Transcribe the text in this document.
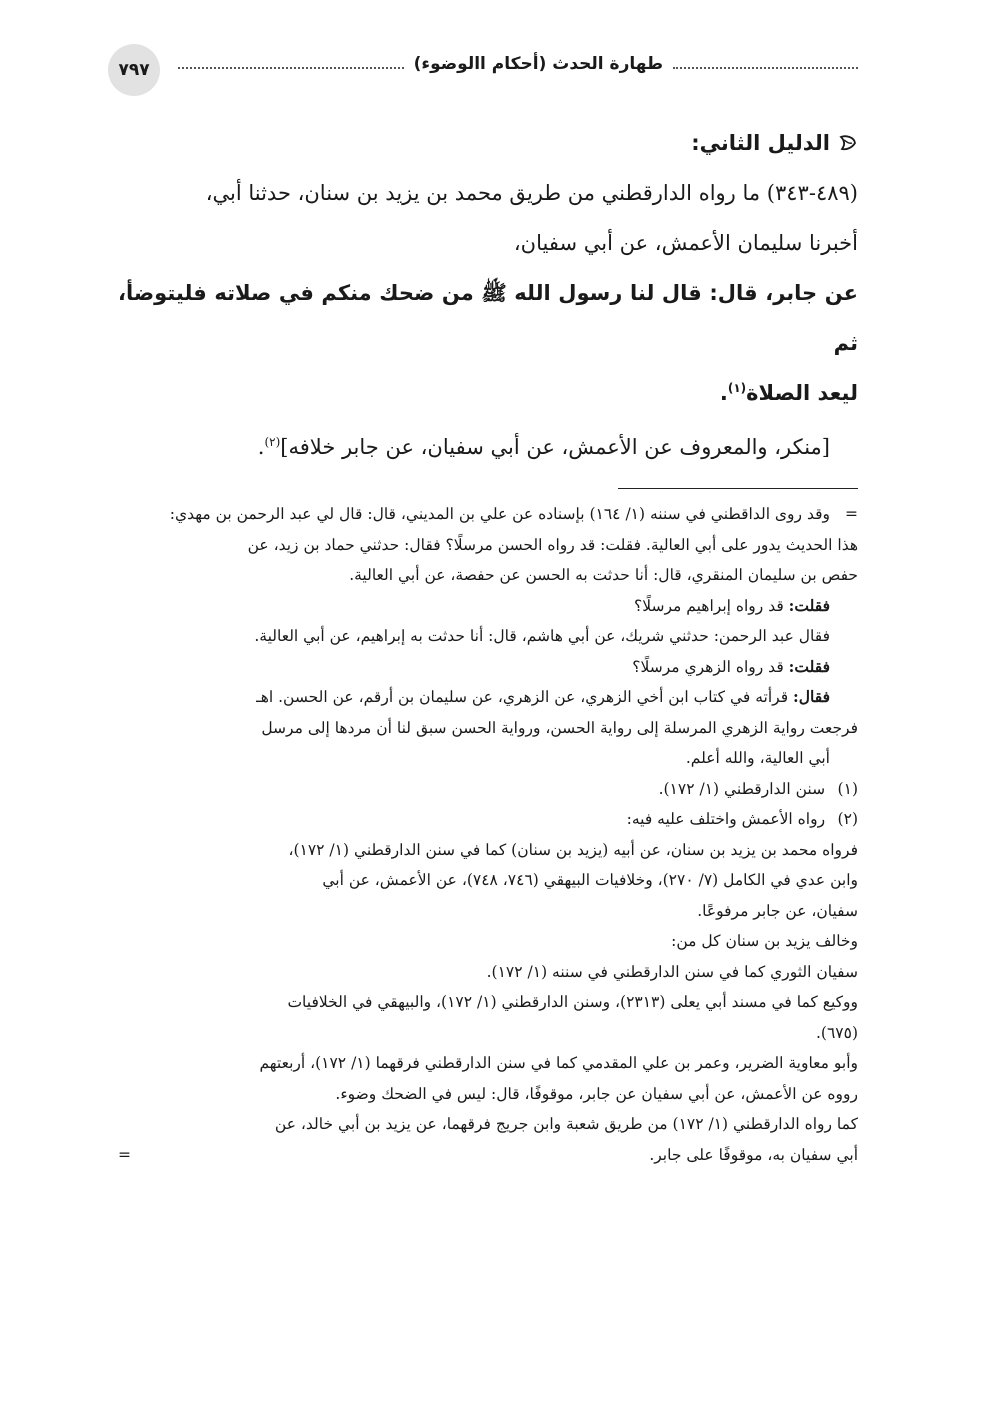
٧٩٧	طهارة الحدث (أحكام االوضوء)
الدليل الثاني:

(٤٨٩-٣٤٣) ما رواه الدارقطني من طريق محمد بن يزيد بن سنان، حدثنا أبي،

أخبرنا سليمان الأعمش، عن أبي سفيان،

عن جابر، قال: قال لنا رسول الله ﷺ من ضحك منكم في صلاته فليتوضأ، ثم

ليعد الصلاة$^{(١)}$.

[منكر، والمعروف عن الأعمش، عن أبي سفيان، عن جابر خلافه]$^{(٢)}$.

=
وقد روى الداقطني في سننه (١/ ١٦٤) بإسناده عن علي بن المديني، قال: قال لي عبد الرحمن بن مهدي:

هذا الحديث يدور على أبي العالية. فقلت: قد رواه الحسن مرسلًا؟ فقال: حدثني حماد بن زيد، عن

حفص بن سليمان المنقري، قال: أنا حدثت به الحسن عن حفصة، عن أبي العالية.

فقلت: قد رواه إبراهيم مرسلًا؟

فقال عبد الرحمن: حدثني شريك، عن أبي هاشم، قال: أنا حدثت به إبراهيم، عن أبي العالية.

فقلت: قد رواه الزهري مرسلًا؟

فقال: قرأته في كتاب ابن أخي الزهري، عن الزهري، عن سليمان بن أرقم، عن الحسن. اهـ

فرجعت رواية الزهري المرسلة إلى رواية الحسن، ورواية الحسن سبق لنا أن مردها إلى مرسل

أبي العالية، والله أعلم.

(١) سنن الدارقطني (١/ ١٧٢).

(٢) رواه الأعمش واختلف عليه فيه:

فرواه محمد بن يزيد بن سنان، عن أبيه (يزيد بن سنان) كما في سنن الدارقطني (١/ ١٧٢)،

وابن عدي في الكامل (٧/ ٢٧٠)، وخلافيات البيهقي (٧٤٦، ٧٤٨)، عن الأعمش، عن أبي

سفيان، عن جابر مرفوعًا.

وخالف يزيد بن سنان كل من:

سفيان الثوري كما في سنن الدارقطني في سننه (١/ ١٧٢).

ووكيع كما في مسند أبي يعلى (٢٣١٣)، وسنن الدارقطني (١/ ١٧٢)، والبيهقي في الخلافيات

(٦٧٥).

وأبو معاوية الضرير، وعمر بن علي المقدمي كما في سنن الدارقطني فرقهما (١/ ١٧٢)، أربعتهم

رووه عن الأعمش، عن أبي سفيان عن جابر، موقوفًا، قال: ليس في الضحك وضوء.

كما رواه الدارقطني (١/ ١٧٢) من طريق شعبة وابن جريج فرقهما، عن يزيد بن أبي خالد، عن

=	أبي سفيان به، موقوفًا على جابر.
